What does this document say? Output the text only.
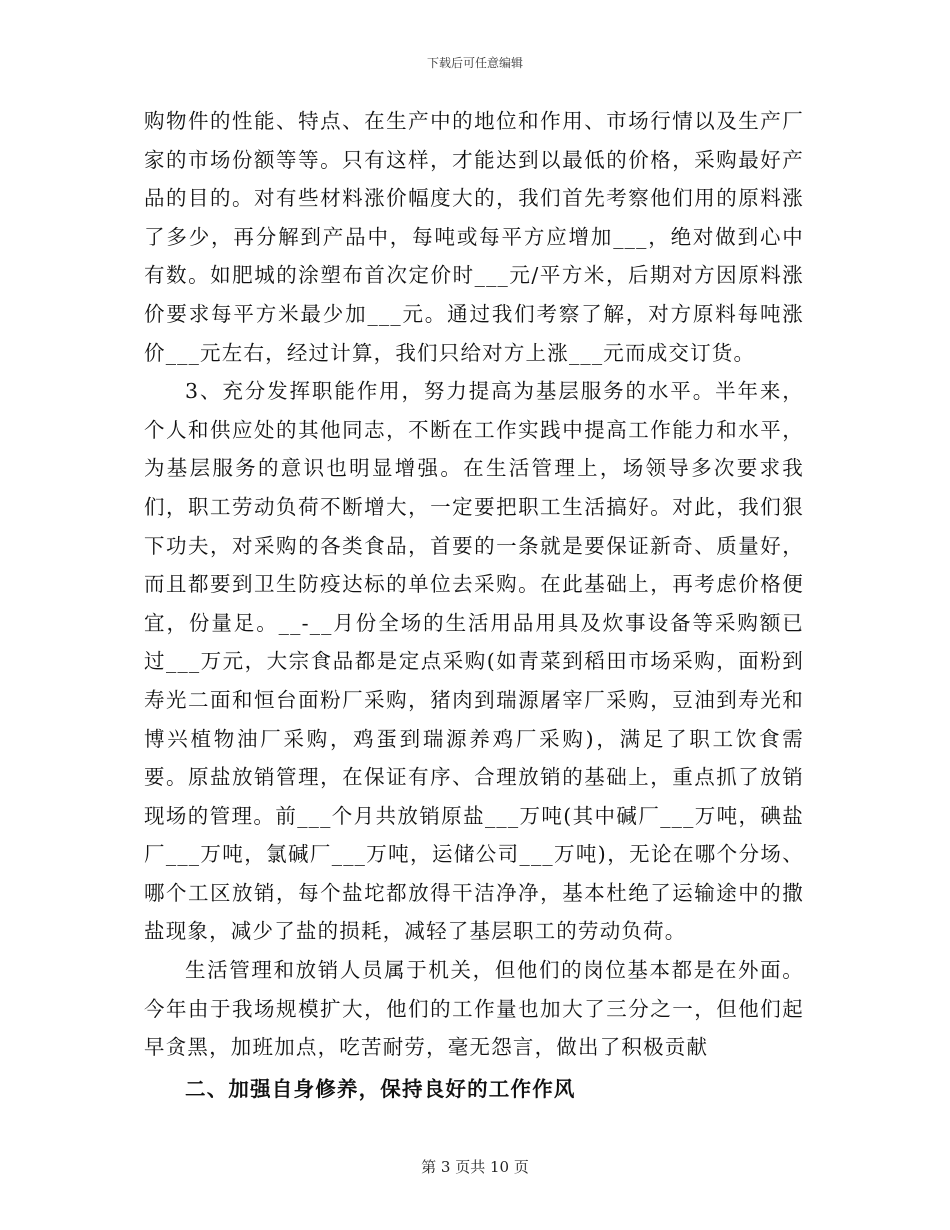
下载后可任意编辑

购物件的性能、特点、在生产中的地位和作用、市场行情以及生产厂家的市场份额等等。只有这样，才能达到以最低的价格，采购最好产品的目的。对有些材料涨价幅度大的，我们首先考察他们用的原料涨了多少，再分解到产品中，每吨或每平方应增加___，绝对做到心中有数。如肥城的涂塑布首次定价时___元/平方米，后期对方因原料涨价要求每平方米最少加___元。通过我们考察了解，对方原料每吨涨价___元左右，经过计算，我们只给对方上涨___元而成交订货。

3、充分发挥职能作用，努力提高为基层服务的水平。半年来，个人和供应处的其他同志，不断在工作实践中提高工作能力和水平，为基层服务的意识也明显增强。在生活管理上，场领导多次要求我们，职工劳动负荷不断增大，一定要把职工生活搞好。对此，我们狠下功夫，对采购的各类食品，首要的一条就是要保证新奇、质量好，而且都要到卫生防疫达标的单位去采购。在此基础上，再考虑价格便宜，份量足。__-__月份全场的生活用品用具及炊事设备等采购额已过___万元，大宗食品都是定点采购(如青菜到稻田市场采购，面粉到寿光二面和恒台面粉厂采购，猪肉到瑞源屠宰厂采购，豆油到寿光和博兴植物油厂采购，鸡蛋到瑞源养鸡厂采购)，满足了职工饮食需要。原盐放销管理，在保证有序、合理放销的基础上，重点抓了放销现场的管理。前___个月共放销原盐___万吨(其中碱厂___万吨，碘盐厂___万吨，氯碱厂___万吨，运储公司___万吨)，无论在哪个分场、哪个工区放销，每个盐坨都放得干洁净净，基本杜绝了运输途中的撒盐现象，减少了盐的损耗，减轻了基层职工的劳动负荷。

生活管理和放销人员属于机关，但他们的岗位基本都是在外面。今年由于我场规模扩大，他们的工作量也加大了三分之一，但他们起早贪黑，加班加点，吃苦耐劳，毫无怨言，做出了积极贡献

二、加强自身修养，保持良好的工作作风

第 3 页共 10 页
